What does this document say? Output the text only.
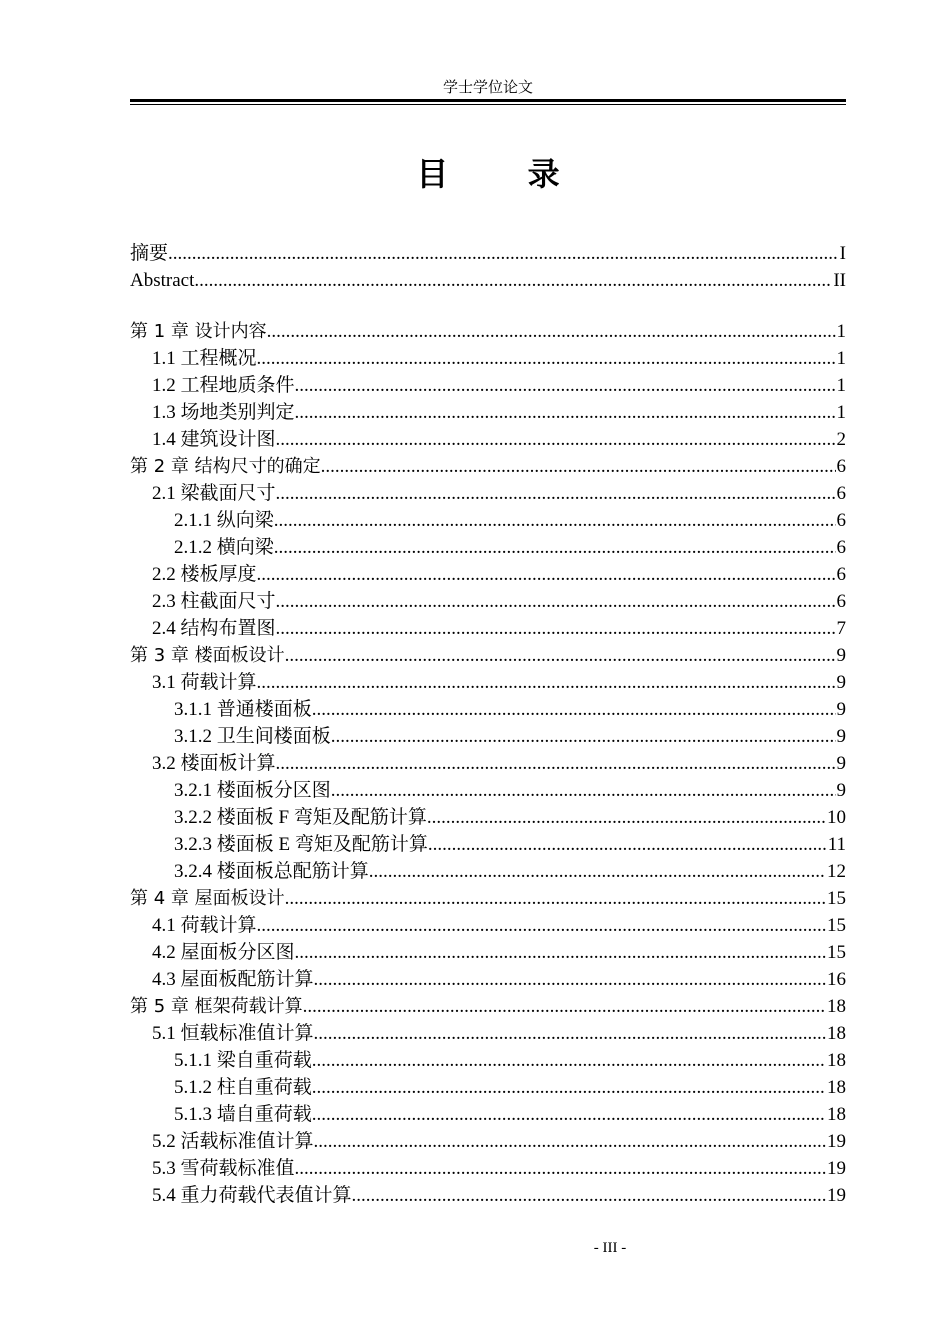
学士学位论文
目 录
摘要 .....	I
Abstract .....	II
第 1 章 设计内容 .....	1
1.1 工程概况 .....	1
1.2 工程地质条件 .....	1
1.3 场地类别判定 .....	1
1.4 建筑设计图 .....	2
第 2 章 结构尺寸的确定 .....	6
2.1 梁截面尺寸 .....	6
2.1.1 纵向梁 .....	6
2.1.2 横向梁 .....	6
2.2 楼板厚度 .....	6
2.3 柱截面尺寸 .....	6
2.4 结构布置图 .....	7
第 3 章 楼面板设计 .....	9
3.1 荷载计算 .....	9
3.1.1 普通楼面板 .....	9
3.1.2 卫生间楼面板 .....	9
3.2 楼面板计算 .....	9
3.2.1 楼面板分区图 .....	9
3.2.2 楼面板 F 弯矩及配筋计算 .....	10
3.2.3 楼面板 E 弯矩及配筋计算 .....	11
3.2.4 楼面板总配筋计算 .....	12
第 4 章 屋面板设计 .....	15
4.1 荷载计算 .....	15
4.2 屋面板分区图 .....	15
4.3 屋面板配筋计算 .....	16
第 5 章 框架荷载计算 .....	18
5.1 恒载标准值计算 .....	18
5.1.1 梁自重荷载 .....	18
5.1.2 柱自重荷载 .....	18
5.1.3 墙自重荷载 .....	18
5.2 活载标准值计算 .....	19
5.3 雪荷载标准值 .....	19
5.4 重力荷载代表值计算 .....	19
- III -
